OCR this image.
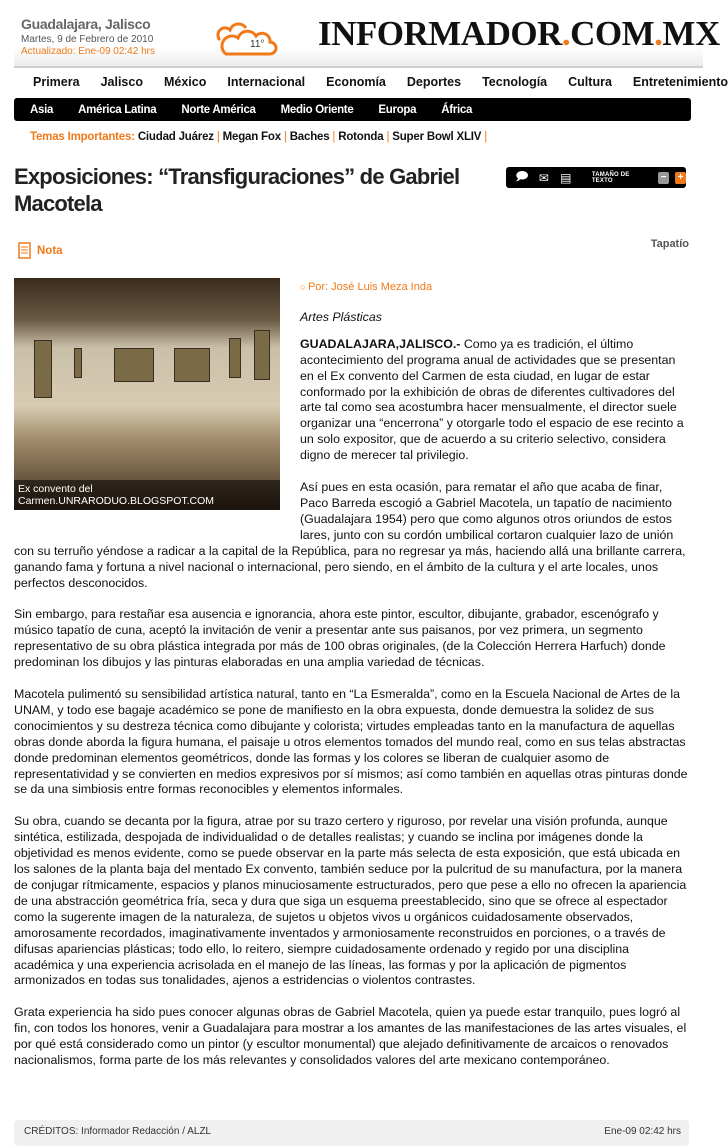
Guadalajara, Jalisco
Martes, 9 de Febrero de 2010
Actualizado: Ene-09 02:42 hrs
11° INFORMADOR.COM.MX
Primera Jalisco México Internacional Economía Deportes Tecnología Cultura Entretenimiento
Asia América Latina Norte América Medio Oriente Europa África
Temas Importantes: Ciudad Juárez | Megan Fox | Baches | Rotonda | Super Bowl XLIV |
Exposiciones: “Transfiguraciones” de Gabriel Macotela
🗩 ✉ ▤	TAMAÑO DE TEXTO	− +
Nota
Tapatío
Ex convento del Carmen.UNRARODUO.BLOGSPOT.COM
○ Por: José Luis Meza Inda
Artes Plásticas

GUADALAJARA,JALISCO.- Como ya es tradición, el último acontecimiento del programa anual de actividades que se presentan en el Ex convento del Carmen de esta ciudad, en lugar de estar conformado por la exhibición de obras de diferentes cultivadores del arte tal como sea acostumbra hacer mensualmente, el director suele organizar una “encerrona” y otorgarle todo el espacio de ese recinto a un solo expositor, que de acuerdo a su criterio selectivo, considera digno de merecer tal privilegio.

Así pues en esta ocasión, para rematar el año que acaba de finar, Paco Barreda escogió a Gabriel Macotela, un tapatío de nacimiento (Guadalajara 1954) pero que como algunos otros oriundos de estos lares, junto con su cordón umbilical cortaron cualquier lazo de unión con su terruño yéndose a radicar a la capital de la República, para no regresar ya más, haciendo allá una brillante carrera, ganando fama y fortuna a nivel nacional o internacional, pero siendo, en el ámbito de la cultura y el arte locales, unos perfectos desconocidos.

Sin embargo, para restañar esa ausencia e ignorancia, ahora este pintor, escultor, dibujante, grabador, escenógrafo y músico tapatío de cuna, aceptó la invitación de venir a presentar ante sus paisanos, por vez primera, un segmento representativo de su obra plástica integrada por más de 100 obras originales, (de la Colección Herrera Harfuch) donde predominan los dibujos y las pinturas elaboradas en una amplia variedad de técnicas.

Macotela pulimentó su sensibilidad artística natural, tanto en “La Esmeralda”, como en la Escuela Nacional de Artes de la UNAM, y todo ese bagaje académico se pone de manifiesto en la obra expuesta, donde demuestra la solidez de sus conocimientos y su destreza técnica como dibujante y colorista; virtudes empleadas tanto en la manufactura de aquellas obras donde aborda la figura humana, el paisaje u otros elementos tomados del mundo real, como en sus telas abstractas donde predominan elementos geométricos, donde las formas y los colores se liberan de cualquier asomo de representatividad y se convierten en medios expresivos por sí mismos; así como también en aquellas otras pinturas donde se da una simbiosis entre formas reconocibles y elementos informales.

Su obra, cuando se decanta por la figura, atrae por su trazo certero y riguroso, por revelar una visión profunda, aunque sintética, estilizada, despojada de individualidad o de detalles realistas; y cuando se inclina por imágenes donde la objetividad es menos evidente, como se puede observar en la parte más selecta de esta exposición, que está ubicada en los salones de la planta baja del mentado Ex convento, también seduce por la pulcritud de su manufactura, por la manera de conjugar rítmicamente, espacios y planos minuciosamente estructurados, pero que pese a ello no ofrecen la apariencia de una abstracción geométrica fría, seca y dura que siga un esquema preestablecido, sino que se ofrece al espectador como la sugerente imagen de la naturaleza, de sujetos u objetos vivos u orgánicos cuidadosamente observados, amorosamente recordados, imaginativamente inventados y armoniosamente reconstruidos en porciones, o a través de difusas apariencias plásticas; todo ello, lo reitero, siempre cuidadosamente ordenado y regido por una disciplina académica y una experiencia acrisolada en el manejo de las líneas, las formas y por la aplicación de pigmentos armonizados en todas sus tonalidades, ajenos a estridencias o violentos contrastes.

Grata experiencia ha sido pues conocer algunas obras de Gabriel Macotela, quien ya puede estar tranquilo, pues logró al fin, con todos los honores, venir a Guadalajara para mostrar a los amantes de las manifestaciones de las artes visuales, el por qué está considerado como un pintor (y escultor monumental) que alejado definitivamente de arcaicos o renovados nacionalismos, forma parte de los más relevantes y consolidados valores del arte mexicano contemporáneo.

CRÉDITOS: Informador Redacción / ALZL	Ene-09 02:42 hrs
